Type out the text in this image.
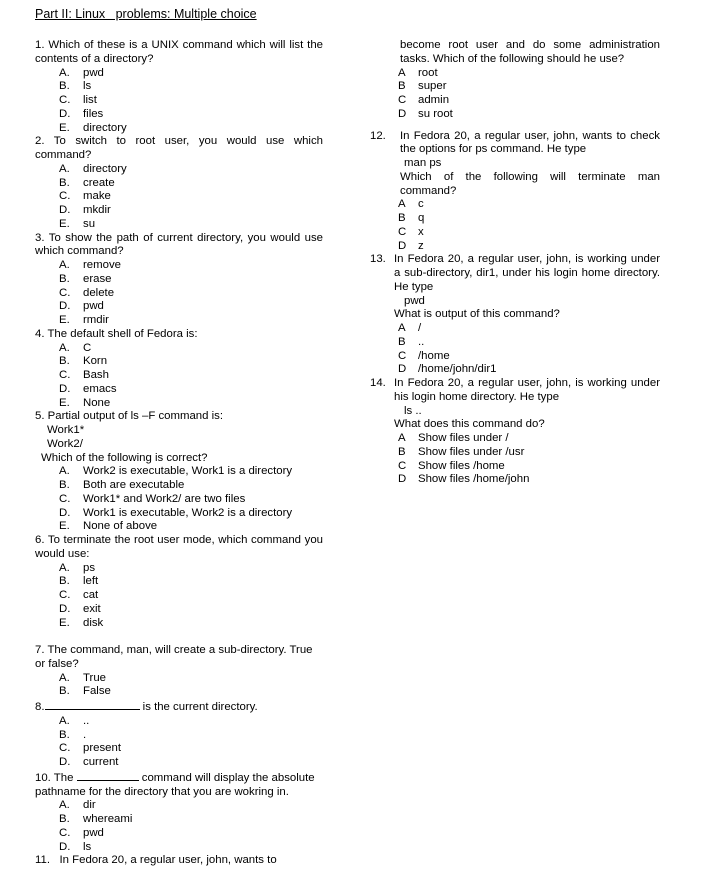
Part II: Linux   problems: Multiple choice
1. Which of these is a UNIX command which will list the contents of a directory?
A. pwd
B. ls
C. list
D. files
E. directory
2. To switch to root user, you would use which command?
A. directory
B. create
C. make
D. mkdir
E. su
3. To show the path of current directory, you would use which command?
A. remove
B. erase
C. delete
D. pwd
E. rmdir
4. The default shell of Fedora is:
A. C
B. Korn
C. Bash
D. emacs
E. None
5. Partial output of ls –F command is:
Work1*
Work2/
Which of the following is correct?
A. Work2 is executable, Work1 is a directory
B. Both are executable
C. Work1* and Work2/ are two files
D. Work1 is executable, Work2 is a directory
E. None of above
6. To terminate the root user mode, which command you would use:
A. ps
B. left
C. cat
D. exit
E. disk
7. The command, man, will create a sub-directory. True or false?
A. True
B. False
8.	is the current directory.
A. ..
B. .
C. present
D. current
10. The	command will display the absolute pathname for the directory that you are wokring in.
A. dir
B. whereami
C. pwd
D. ls
11.   In Fedora 20, a regular user, john, wants to
become root user and do some administration tasks. Which of the following should he use?
A root
B super
C admin
D su root
12. In Fedora 20, a regular user, john, wants to check the options for ps command. He type
man ps
Which of the following will terminate man command?
A c
B q
C x
D z
13. In Fedora 20, a regular user, john, is working under a sub-directory, dir1, under his login home directory. He type
pwd
What is output of this command?
A /
B ..
C /home
D /home/john/dir1
14. In Fedora 20, a regular user, john, is working under his login home directory. He type
ls ..
What does this command do?
A Show files under /
B Show files under /usr
C Show files /home
D Show files /home/john
